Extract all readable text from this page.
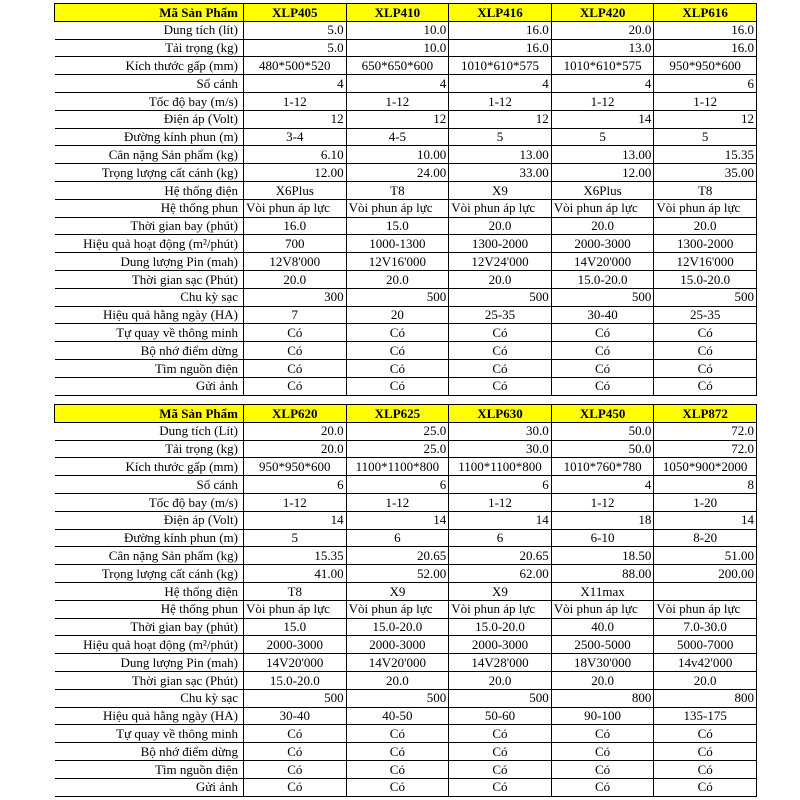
Mã Sản Phẩm	XLP405	XLP410	XLP416	XLP420	XLP616
Dung tích (lít)	5.0	10.0	16.0	20.0	16.0
Tải trọng (kg)	5.0	10.0	16.0	13.0	16.0
Kích thước gấp (mm)	480*500*520	650*650*600	1010*610*575	1010*610*575	950*950*600
Số cánh	4	4	4	4	6
Tốc độ bay (m/s)	1-12	1-12	1-12	1-12	1-12
Điện áp (Volt)	12	12	12	14	12
Đường kính phun (m)	3-4	4-5	5	5	5
Cân nặng Sản phẩm (kg)	6.10	10.00	13.00	13.00	15.35
Trọng lượng cất cánh (kg)	12.00	24.00	33.00	12.00	35.00
Hệ thống điện	X6Plus	T8	X9	X6Plus	T8
Hệ thống phun	Vòi phun áp lực	Vòi phun áp lực	Vòi phun áp lực	Vòi phun áp lực	Vòi phun áp lực
Thời gian bay (phút)	16.0	15.0	20.0	20.0	20.0
Hiệu quả hoạt động (m²/phút)	700	1000-1300	1300-2000	2000-3000	1300-2000
Dung lượng Pin (mah)	12V8'000	12V16'000	12V24'000	14V20'000	12V16'000
Thời gian sạc (Phút)	20.0	20.0	20.0	15.0-20.0	15.0-20.0
Chu kỳ sạc	300	500	500	500	500
Hiệu quả hằng ngày (HA)	7	20	25-35	30-40	25-35
Tự quay về thông minh	Có	Có	Có	Có	Có
Bộ nhớ điểm dừng	Có	Có	Có	Có	Có
Tìm nguồn điện	Có	Có	Có	Có	Có
Gửi ảnh	Có	Có	Có	Có	Có
Mã Sản Phẩm	XLP620	XLP625	XLP630	XLP450	XLP872
Dung tích (Lít)	20.0	25.0	30.0	50.0	72.0
Tải trọng (kg)	20.0	25.0	30.0	50.0	72.0
Kích thước gấp (mm)	950*950*600	1100*1100*800	1100*1100*800	1010*760*780	1050*900*2000
Số cánh	6	6	6	4	8
Tốc độ bay (m/s)	1-12	1-12	1-12	1-12	1-20
Điện áp (Volt)	14	14	14	18	14
Đường kính phun (m)	5	6	6	6-10	8-20
Cân nặng Sản phẩm (kg)	15.35	20.65	20.65	18.50	51.00
Trọng lượng cất cánh (kg)	41.00	52.00	62.00	88.00	200.00
Hệ thống điện	T8	X9	X9	X11max	
Hệ thống phun	Vòi phun áp lực	Vòi phun áp lực	Vòi phun áp lực	Vòi phun áp lực	Vòi phun áp lực
Thời gian bay (phút)	15.0	15.0-20.0	15.0-20.0	40.0	7.0-30.0
Hiệu quả hoạt động (m²/phút)	2000-3000	2000-3000	2000-3000	2500-5000	5000-7000
Dung lượng Pin (mah)	14V20'000	14V20'000	14V28'000	18V30'000	14v42'000
Thời gian sạc (Phút)	15.0-20.0	20.0	20.0	20.0	20.0
Chu kỳ sạc	500	500	500	800	800
Hiệu quả hằng ngày (HA)	30-40	40-50	50-60	90-100	135-175
Tự quay về thông minh	Có	Có	Có	Có	Có
Bộ nhớ điểm dừng	Có	Có	Có	Có	Có
Tìm nguồn điện	Có	Có	Có	Có	Có
Gửi ảnh	Có	Có	Có	Có	Có
